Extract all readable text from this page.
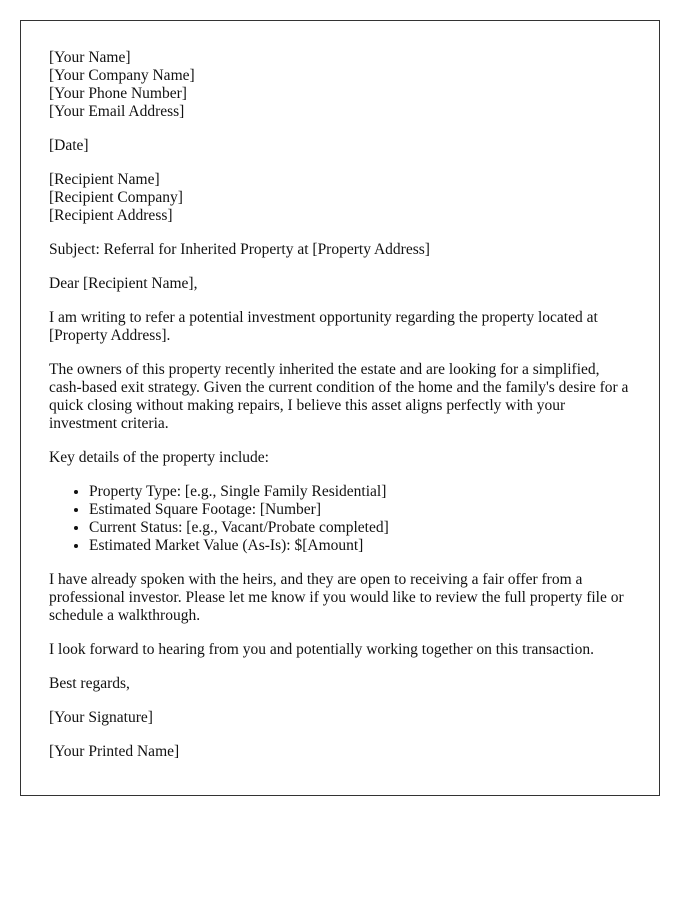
[Your Name]
[Your Company Name]
[Your Phone Number]
[Your Email Address]

[Date]

[Recipient Name]
[Recipient Company]
[Recipient Address]

Subject: Referral for Inherited Property at [Property Address]

Dear [Recipient Name],

I am writing to refer a potential investment opportunity regarding the property located at [Property Address].

The owners of this property recently inherited the estate and are looking for a simplified, cash-based exit strategy. Given the current condition of the home and the family's desire for a quick closing without making repairs, I believe this asset aligns perfectly with your investment criteria.

Key details of the property include:

• Property Type: [e.g., Single Family Residential]
• Estimated Square Footage: [Number]
• Current Status: [e.g., Vacant/Probate completed]
• Estimated Market Value (As-Is): $[Amount]

I have already spoken with the heirs, and they are open to receiving a fair offer from a professional investor. Please let me know if you would like to review the full property file or schedule a walkthrough.

I look forward to hearing from you and potentially working together on this transaction.

Best regards,

[Your Signature]

[Your Printed Name]
